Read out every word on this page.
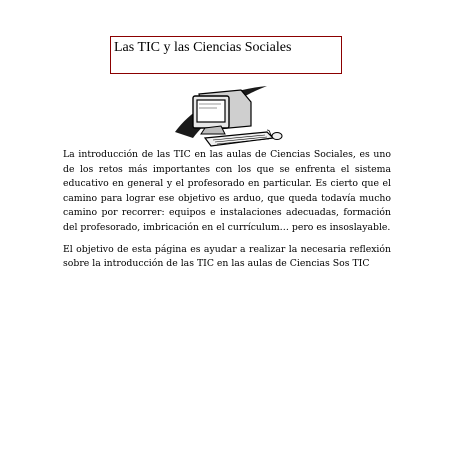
Las TIC y las Ciencias Sociales

La introducción de las TIC en las aulas de Ciencias Sociales, es uno de los retos más importantes con los que se enfrenta el sistema educativo en general y el profesorado en particular. Es cierto que el camino para lograr ese objetivo es arduo, que queda todavía mucho camino por recorrer: equipos e instalaciones adecuadas, formación del profesorado, imbricación en el currículum… pero es insoslayable.

El objetivo de esta página es ayudar a realizar la necesaria reflexión sobre la introducción de las TIC en las aulas de Ciencias Sos TIC
